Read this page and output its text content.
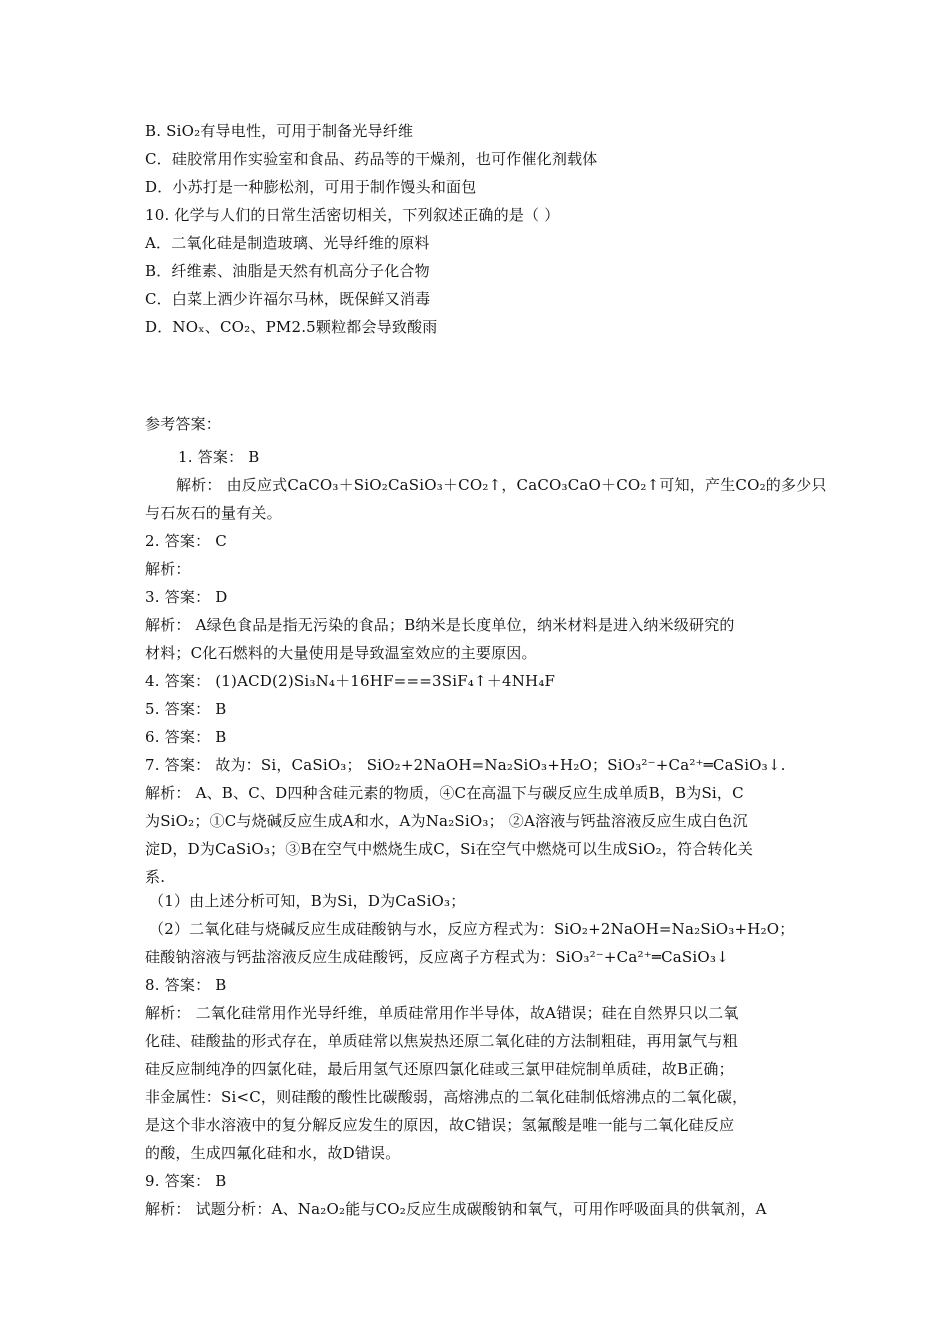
B. SiO₂有导电性，可用于制备光导纤维
C．硅胶常用作实验室和食品、药品等的干燥剂，也可作催化剂载体
D．小苏打是一种膨松剂，可用于制作馒头和面包
10. 化学与人们的日常生活密切相关，下列叙述正确的是（ ）
A．二氧化硅是制造玻璃、光导纤维的原料
B．纤维素、油脂是天然有机高分子化合物
C．白菜上洒少许福尔马林，既保鲜又消毒
D．NOₓ、CO₂、PM2.5颗粒都会导致酸雨
参考答案：
1. 答案： B
解析： 由反应式CaCO₃＋SiO₂CaSiO₃＋CO₂↑，CaCO₃CaO＋CO₂↑可知，产生CO₂的多少只
与石灰石的量有关。
2. 答案： C
解析：
3. 答案： D
解析： A绿色食品是指无污染的食品；B纳米是长度单位，纳米材料是进入纳米级研究的
材料；C化石燃料的大量使用是导致温室效应的主要原因。
4. 答案： (1)ACD(2)Si₃N₄＋16HF===3SiF₄↑＋4NH₄F
5. 答案： B
6. 答案： B
7. 答案： 故为：Si，CaSiO₃； SiO₂+2NaOH=Na₂SiO₃+H₂O；SiO₃²⁻+Ca²⁺═CaSiO₃↓.
解析： A、B、C、D四种含硅元素的物质，④C在高温下与碳反应生成单质B，B为Si，C
为SiO₂；①C与烧碱反应生成A和水，A为Na₂SiO₃； ②A溶液与钙盐溶液反应生成白色沉
淀D，D为CaSiO₃；③B在空气中燃烧生成C，Si在空气中燃烧可以生成SiO₂，符合转化关
系.
（1）由上述分析可知，B为Si，D为CaSiO₃；
（2）二氧化硅与烧碱反应生成硅酸钠与水，反应方程式为：SiO₂+2NaOH=Na₂SiO₃+H₂O；
硅酸钠溶液与钙盐溶液反应生成硅酸钙，反应离子方程式为：SiO₃²⁻+Ca²⁺═CaSiO₃↓
8. 答案： B
解析： 二氧化硅常用作光导纤维，单质硅常用作半导体，故A错误；硅在自然界只以二氧
化硅、硅酸盐的形式存在，单质硅常以焦炭热还原二氧化硅的方法制粗硅，再用氯气与粗
硅反应制纯净的四氯化硅，最后用氢气还原四氯化硅或三氯甲硅烷制单质硅，故B正确；
非金属性：Si<C，则硅酸的酸性比碳酸弱，高熔沸点的二氧化硅制低熔沸点的二氧化碳，
是这个非水溶液中的复分解反应发生的原因，故C错误；氢氟酸是唯一能与二氧化硅反应
的酸，生成四氟化硅和水，故D错误。
9. 答案： B
解析： 试题分析：A、Na₂O₂能与CO₂反应生成碳酸钠和氧气，可用作呼吸面具的供氧剂，A
